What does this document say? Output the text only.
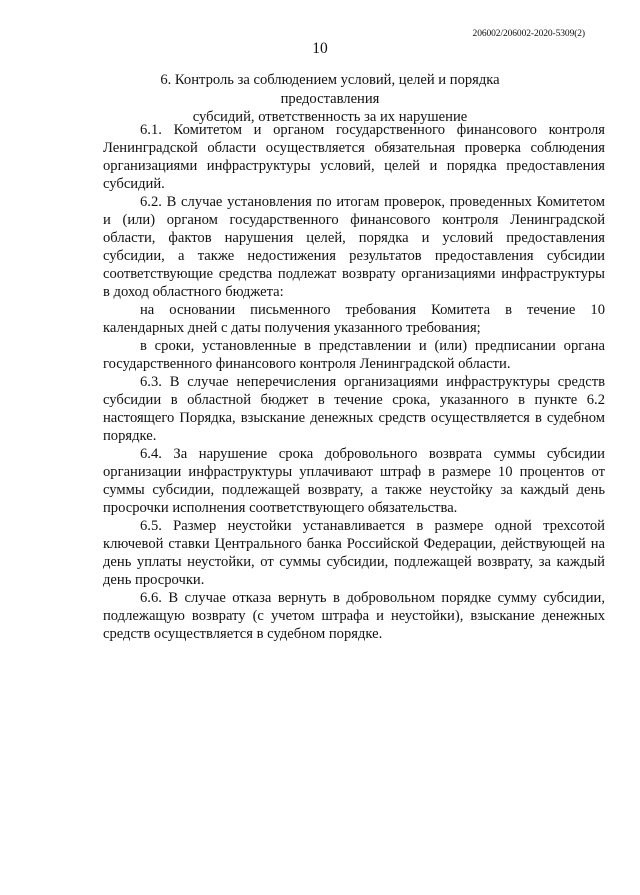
206002/206002-2020-5309(2)
10
6. Контроль за соблюдением условий, целей и порядка предоставления
субсидий, ответственность за их нарушение

6.1. Комитетом и органом государственного финансового контроля Ленинградской области осуществляется обязательная проверка соблюдения организациями инфраструктуры условий, целей и порядка предоставления субсидий.

6.2. В случае установления по итогам проверок, проведенных Комитетом и (или) органом государственного финансового контроля Ленинградской области, фактов нарушения целей, порядка и условий предоставления субсидии, а также недостижения результатов предоставления субсидии соответствующие средства подлежат возврату организациями инфраструктуры в доход областного бюджета:

на основании письменного требования Комитета в течение 10 календарных дней с даты получения указанного требования;

в сроки, установленные в представлении и (или) предписании органа государственного финансового контроля Ленинградской области.

6.3. В случае неперечисления организациями инфраструктуры средств субсидии в областной бюджет в течение срока, указанного в пункте 6.2 настоящего Порядка, взыскание денежных средств осуществляется в судебном порядке.

6.4. За нарушение срока добровольного возврата суммы субсидии организации инфраструктуры уплачивают штраф в размере 10 процентов от суммы субсидии, подлежащей возврату, а также неустойку за каждый день просрочки исполнения соответствующего обязательства.

6.5. Размер неустойки устанавливается в размере одной трехсотой ключевой ставки Центрального банка Российской Федерации, действующей на день уплаты неустойки, от суммы субсидии, подлежащей возврату, за каждый день просрочки.

6.6. В случае отказа вернуть в добровольном порядке сумму субсидии, подлежащую возврату (с учетом штрафа и неустойки), взыскание денежных средств осуществляется в судебном порядке.
